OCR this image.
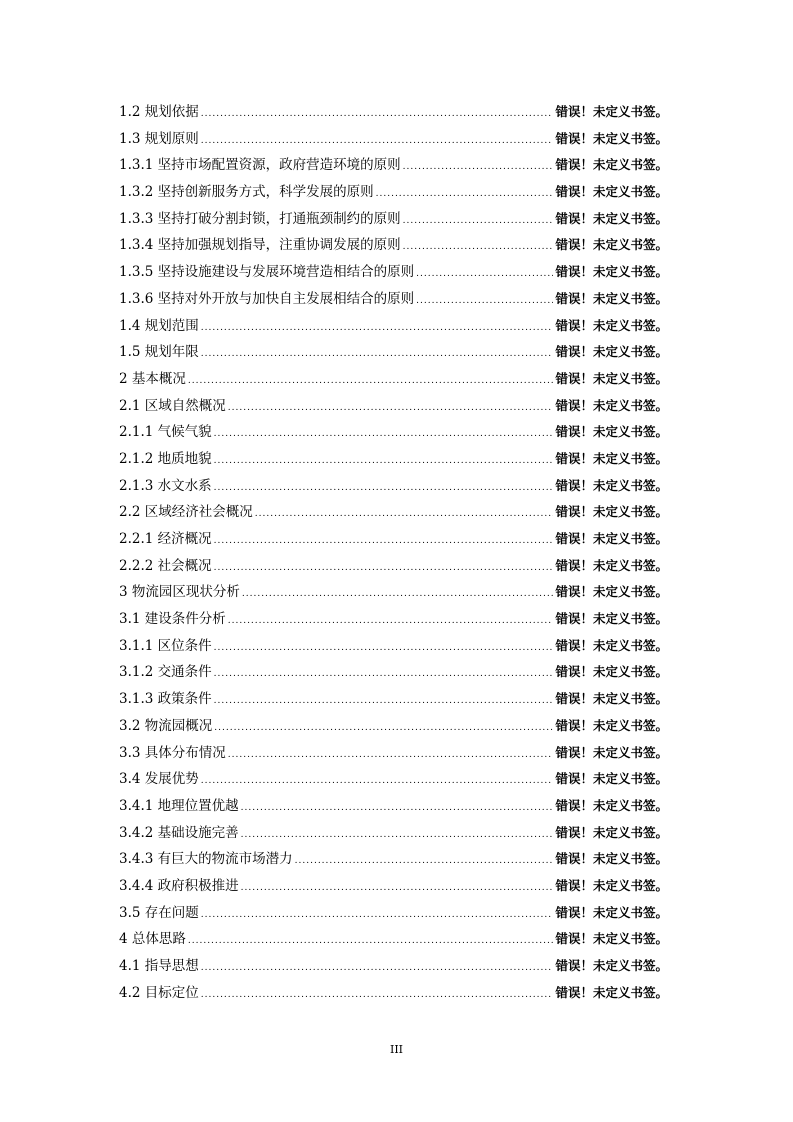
1.2 规划依据 .....	错误！未定义书签。
1.3 规划原则 .....	错误！未定义书签。
1.3.1 坚持市场配置资源，政府营造环境的原则 .....	错误！未定义书签。
1.3.2 坚持创新服务方式，科学发展的原则 .....	错误！未定义书签。
1.3.3 坚持打破分割封锁，打通瓶颈制约的原则 .....	错误！未定义书签。
1.3.4 坚持加强规划指导，注重协调发展的原则 .....	错误！未定义书签。
1.3.5 坚持设施建设与发展环境营造相结合的原则 .....	错误！未定义书签。
1.3.6 坚持对外开放与加快自主发展相结合的原则 .....	错误！未定义书签。
1.4 规划范围 .....	错误！未定义书签。
1.5 规划年限 .....	错误！未定义书签。
2 基本概况 .....	错误！未定义书签。
2.1 区域自然概况 .....	错误！未定义书签。
2.1.1 气候气貌 .....	错误！未定义书签。
2.1.2 地质地貌 .....	错误！未定义书签。
2.1.3 水文水系 .....	错误！未定义书签。
2.2 区域经济社会概况 .....	错误！未定义书签。
2.2.1 经济概况 .....	错误！未定义书签。
2.2.2 社会概况 .....	错误！未定义书签。
3 物流园区现状分析 .....	错误！未定义书签。
3.1 建设条件分析 .....	错误！未定义书签。
3.1.1 区位条件 .....	错误！未定义书签。
3.1.2 交通条件 .....	错误！未定义书签。
3.1.3 政策条件 .....	错误！未定义书签。
3.2 物流园概况 .....	错误！未定义书签。
3.3 具体分布情况 .....	错误！未定义书签。
3.4 发展优势 .....	错误！未定义书签。
3.4.1 地理位置优越 .....	错误！未定义书签。
3.4.2 基础设施完善 .....	错误！未定义书签。
3.4.3 有巨大的物流市场潜力 .....	错误！未定义书签。
3.4.4 政府积极推进 .....	错误！未定义书签。
3.5 存在问题 .....	错误！未定义书签。
4 总体思路 .....	错误！未定义书签。
4.1 指导思想 .....	错误！未定义书签。
4.2 目标定位 .....	错误！未定义书签。
III
